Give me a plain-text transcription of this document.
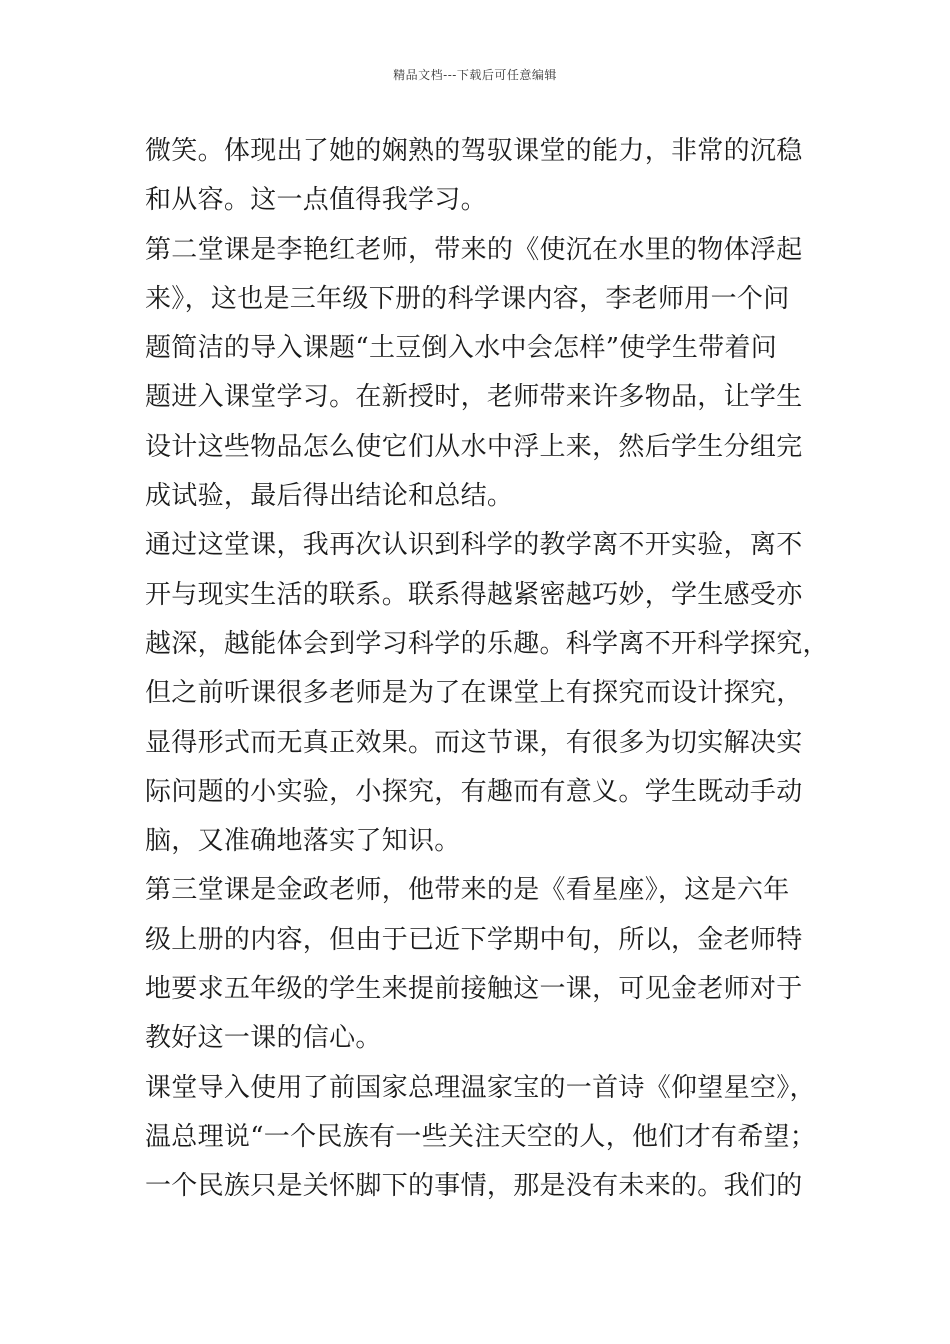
精品文档---下载后可任意编辑
微笑。体现出了她的娴熟的驾驭课堂的能力，非常的沉稳
和从容。这一点值得我学习。
第二堂课是李艳红老师，带来的《使沉在水里的物体浮起
来》，这也是三年级下册的科学课内容，李老师用一个问
题简洁的导入课题“土豆倒入水中会怎样”使学生带着问
题进入课堂学习。在新授时，老师带来许多物品，让学生
设计这些物品怎么使它们从水中浮上来，然后学生分组完
成试验，最后得出结论和总结。
通过这堂课，我再次认识到科学的教学离不开实验，离不
开与现实生活的联系。联系得越紧密越巧妙，学生感受亦
越深，越能体会到学习科学的乐趣。科学离不开科学探究，
但之前听课很多老师是为了在课堂上有探究而设计探究，
显得形式而无真正效果。而这节课，有很多为切实解决实
际问题的小实验，小探究，有趣而有意义。学生既动手动
脑，又准确地落实了知识。
第三堂课是金政老师，他带来的是《看星座》，这是六年
级上册的内容，但由于已近下学期中旬，所以，金老师特
地要求五年级的学生来提前接触这一课，可见金老师对于
教好这一课的信心。
课堂导入使用了前国家总理温家宝的一首诗《仰望星空》，
温总理说“一个民族有一些关注天空的人，他们才有希望；
一个民族只是关怀脚下的事情，那是没有未来的。我们的
